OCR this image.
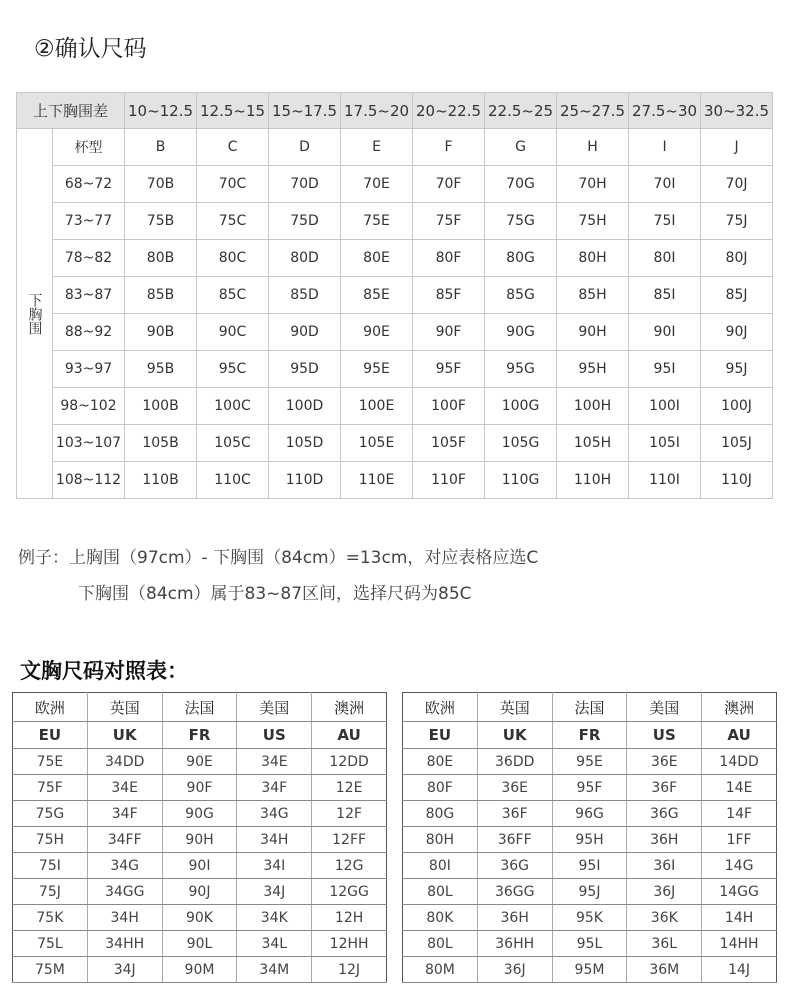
②确认尺码
上下胸围差		10~12.5	12.5~15	15~17.5	17.5~20	20~22.5	22.5~25	25~27.5	27.5~30	30~32.5
下胸围	杯型	B	C	D	E	F	G	H	I	J
	68~72	70B	70C	70D	70E	70F	70G	70H	70I	70J
	73~77	75B	75C	75D	75E	75F	75G	75H	75I	75J
	78~82	80B	80C	80D	80E	80F	80G	80H	80I	80J
	83~87	85B	85C	85D	85E	85F	85G	85H	85I	85J
	88~92	90B	90C	90D	90E	90F	90G	90H	90I	90J
	93~97	95B	95C	95D	95E	95F	95G	95H	95I	95J
	98~102	100B	100C	100D	100E	100F	100G	100H	100I	100J
	103~107	105B	105C	105D	105E	105F	105G	105H	105I	105J
	108~112	110B	110C	110D	110E	110F	110G	110H	110I	110J
例子：上胸围（97cm）- 下胸围（84cm）=13cm，对应表格应选C
下胸围（84cm）属于83~87区间，选择尺码为85C
文胸尺码对照表：
欧洲	英国	法国	美国	澳洲
EU	UK	FR	US	AU
75E	34DD	90E	34E	12DD
75F	34E	90F	34F	12E
75G	34F	90G	34G	12F
75H	34FF	90H	34H	12FF
75I	34G	90I	34I	12G
75J	34GG	90J	34J	12GG
75K	34H	90K	34K	12H
75L	34HH	90L	34L	12HH
75M	34J	90M	34M	12J
欧洲	英国	法国	美国	澳洲
EU	UK	FR	US	AU
80E	36DD	95E	36E	14DD
80F	36E	95F	36F	14E
80G	36F	96G	36G	14F
80H	36FF	95H	36H	1FF
80I	36G	95I	36I	14G
80L	36GG	95J	36J	14GG
80K	36H	95K	36K	14H
80L	36HH	95L	36L	14HH
80M	36J	95M	36M	14J
